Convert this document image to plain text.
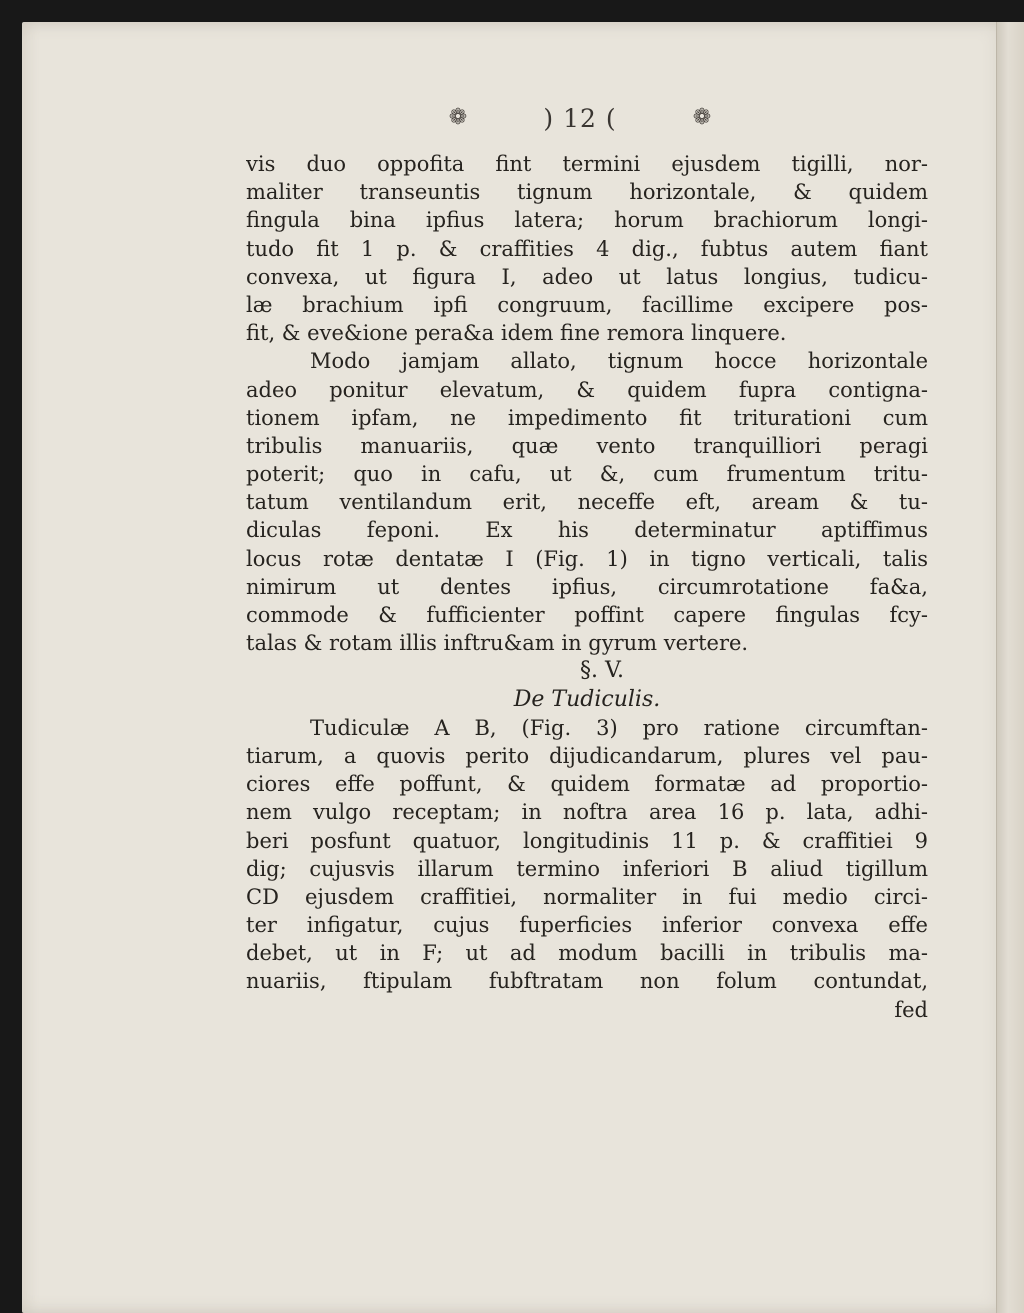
❁	) 12 (	❁
vis duo oppofita fint termini ejusdem tigilli, nor-
maliter transeuntis tignum horizontale, & quidem
fingula bina ipfius latera; horum brachiorum longi-
tudo fit 1 p. & craffities 4 dig., fubtus autem fiant
convexa, ut figura I, adeo ut latus longius, tudicu-
læ brachium ipfi congruum, facillime excipere pos-
fit, & eve&ione pera&a idem fine remora linquere.
Modo jamjam allato, tignum hocce horizontale
adeo ponitur elevatum, & quidem fupra contigna-
tionem ipfam, ne impedimento fit triturationi cum
tribulis manuariis, quæ vento tranquilliori peragi
poterit; quo in cafu, ut &, cum frumentum tritu-
tatum ventilandum erit, neceffe eft, aream & tu-
diculas feponi. Ex his determinatur aptiffimus
locus rotæ dentatæ I (Fig. 1) in tigno verticali, talis
nimirum ut dentes ipfius, circumrotatione fa&a,
commode & fufficienter poffint capere fingulas fcy-
talas & rotam illis inftru&am in gyrum vertere.
§. V.
De Tudiculis.
Tudiculæ A B, (Fig. 3) pro ratione circumftan-
tiarum, a quovis perito dijudicandarum, plures vel pau-
ciores effe poffunt, & quidem formatæ ad proportio-
nem vulgo receptam; in noftra area 16 p. lata, adhi-
beri posfunt quatuor, longitudinis 11 p. & craffitiei 9
dig; cujusvis illarum termino inferiori B aliud tigillum
CD ejusdem craffitiei, normaliter in fui medio circi-
ter infigatur, cujus fuperficies inferior convexa effe
debet, ut in F; ut ad modum bacilli in tribulis ma-
nuariis, ftipulam fubftratam non folum contundat,
fed
